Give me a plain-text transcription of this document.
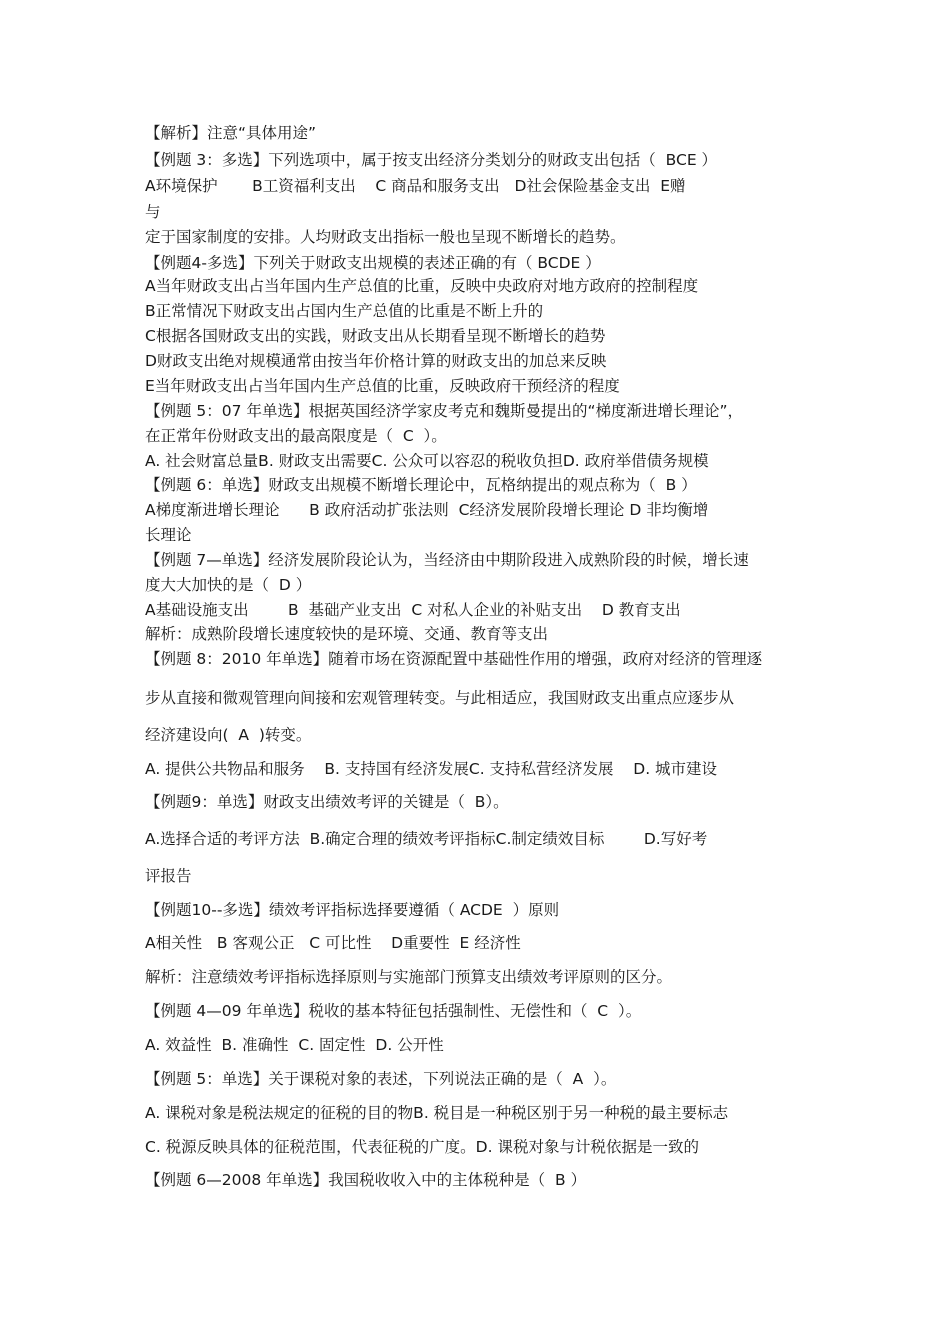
【解析】注意“具体用途”
【例题 3：多选】下列选项中，属于按支出经济分类划分的财政支出包括（  BCE ）
A环境保护       B工资福利支出    C 商品和服务支出   D社会保险基金支出  E赠
与
定于国家制度的安排。人均财政支出指标一般也呈现不断增长的趋势。
【例题4-多选】下列关于财政支出规模的表述正确的有（ BCDE ）
A当年财政支出占当年国内生产总值的比重，反映中央政府对地方政府的控制程度
B正常情况下财政支出占国内生产总值的比重是不断上升的
C根据各国财政支出的实践，财政支出从长期看呈现不断增长的趋势
D财政支出绝对规模通常由按当年价格计算的财政支出的加总来反映
E当年财政支出占当年国内生产总值的比重，反映政府干预经济的程度
【例题 5：07 年单选】根据英国经济学家皮考克和魏斯曼提出的“梯度渐进增长理论”，
在正常年份财政支出的最高限度是（  C  ）。
A. 社会财富总量B. 财政支出需要C. 公众可以容忍的税收负担D. 政府举借债务规模
【例题 6：单选】财政支出规模不断增长理论中，瓦格纳提出的观点称为（  B ）
A梯度渐进增长理论      B 政府活动扩张法则  C经济发展阶段增长理论 D 非均衡增
长理论
【例题 7—单选】经济发展阶段论认为，当经济由中期阶段进入成熟阶段的时候，增长速
度大大加快的是（  D ）
A基础设施支出        B  基础产业支出  C 对私人企业的补贴支出    D 教育支出
解析：成熟阶段增长速度较快的是环境、交通、教育等支出
【例题 8：2010 年单选】随着市场在资源配置中基础性作用的增强，政府对经济的管理逐
步从直接和微观管理向间接和宏观管理转变。与此相适应，我国财政支出重点应逐步从
经济建设向(  A  )转变。
A. 提供公共物品和服务    B. 支持国有经济发展C. 支持私营经济发展    D. 城市建设
【例题9：单选】财政支出绩效考评的关键是（  B）。
A.选择合适的考评方法  B.确定合理的绩效考评指标C.制定绩效目标        D.写好考
评报告
【例题10--多选】绩效考评指标选择要遵循（ ACDE  ）原则
A相关性   B 客观公正   C 可比性    D重要性  E 经济性
解析：注意绩效考评指标选择原则与实施部门预算支出绩效考评原则的区分。
【例题 4—09 年单选】税收的基本特征包括强制性、无偿性和（  C  ）。
A. 效益性  B. 准确性  C. 固定性  D. 公开性
【例题 5：单选】关于课税对象的表述，下列说法正确的是（  A  ）。
A. 课税对象是税法规定的征税的目的物B. 税目是一种税区别于另一种税的最主要标志
C. 税源反映具体的征税范围，代表征税的广度。D. 课税对象与计税依据是一致的
【例题 6—2008 年单选】我国税收收入中的主体税种是（  B ）
